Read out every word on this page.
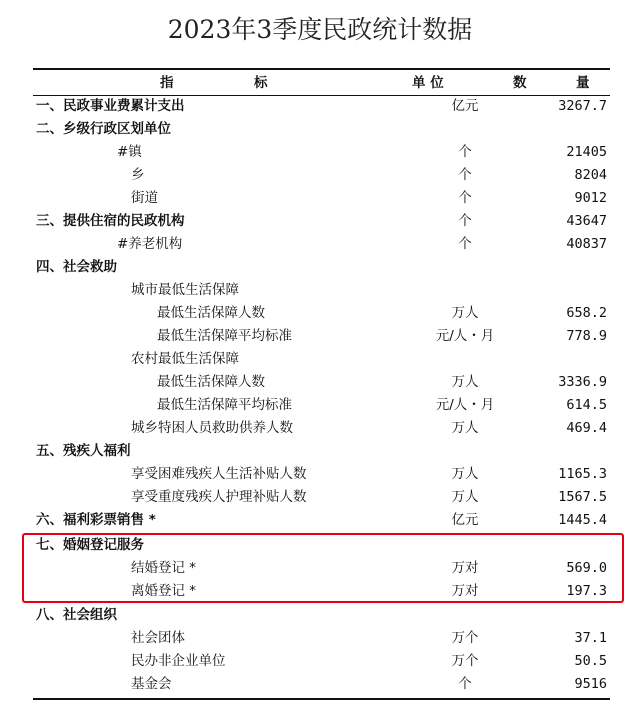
2023年3季度民政统计数据
指	标	单 位	数	量
一、民政事业费累计支出	亿元	3267.7
二、乡级行政区划单位
#镇	个	21405
乡	个	8204
街道	个	9012
三、提供住宿的民政机构	个	43647
#养老机构	个	40837
四、社会救助
城市最低生活保障
最低生活保障人数	万人	658.2
最低生活保障平均标准	元/人・月	778.9
农村最低生活保障
最低生活保障人数	万人	3336.9
最低生活保障平均标准	元/人・月	614.5
城乡特困人员救助供养人数	万人	469.4
五、残疾人福利
享受困难残疾人生活补贴人数	万人	1165.3
享受重度残疾人护理补贴人数	万人	1567.5
六、福利彩票销售 *	亿元	1445.4
七、婚姻登记服务
结婚登记 *	万对	569.0
离婚登记 *	万对	197.3
八、社会组织
社会团体	万个	37.1
民办非企业单位	万个	50.5
基金会	个	9516
